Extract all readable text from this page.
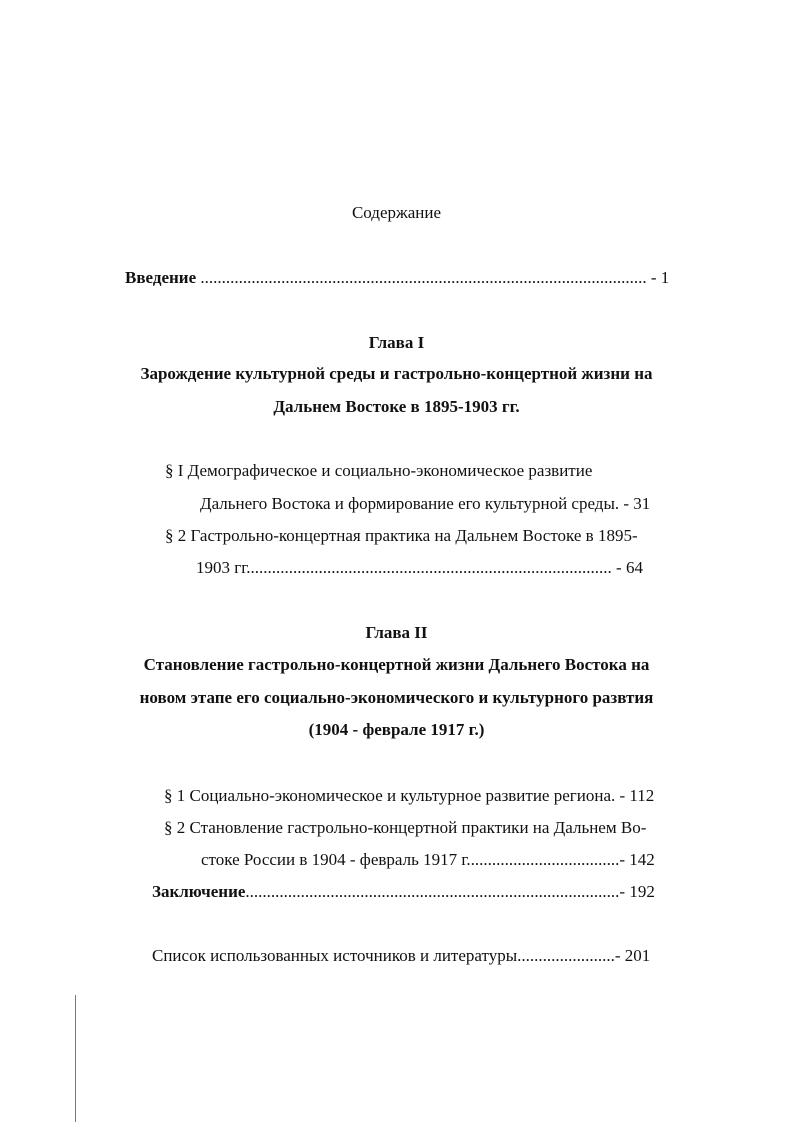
Содержание
Введение ......................................................................................................... - 1
Глава I
Зарождение культурной среды и гастрольно-концертной жизни на
Дальнем Востоке в 1895-1903 гг.
§ I Демографическое и социально-экономическое развитие
Дальнего Востока и формирование его культурной среды. - 31
§ 2 Гастрольно-концертная практика на Дальнем Востоке в 1895-
1903 гг...................................................................................... - 64
Глава II
Становление гастрольно-концертной жизни Дальнего Востока на
новом этапе его социально-экономического и культурного развтия
(1904 - феврале 1917 г.)
§ 1 Социально-экономическое и культурное развитие региона. - 112
§ 2 Становление гастрольно-концертной практики на Дальнем Во-
стоке России в 1904 - февраль 1917 г....................................- 142
Заключение........................................................................................- 192
Список использованных источников и литературы.......................- 201
